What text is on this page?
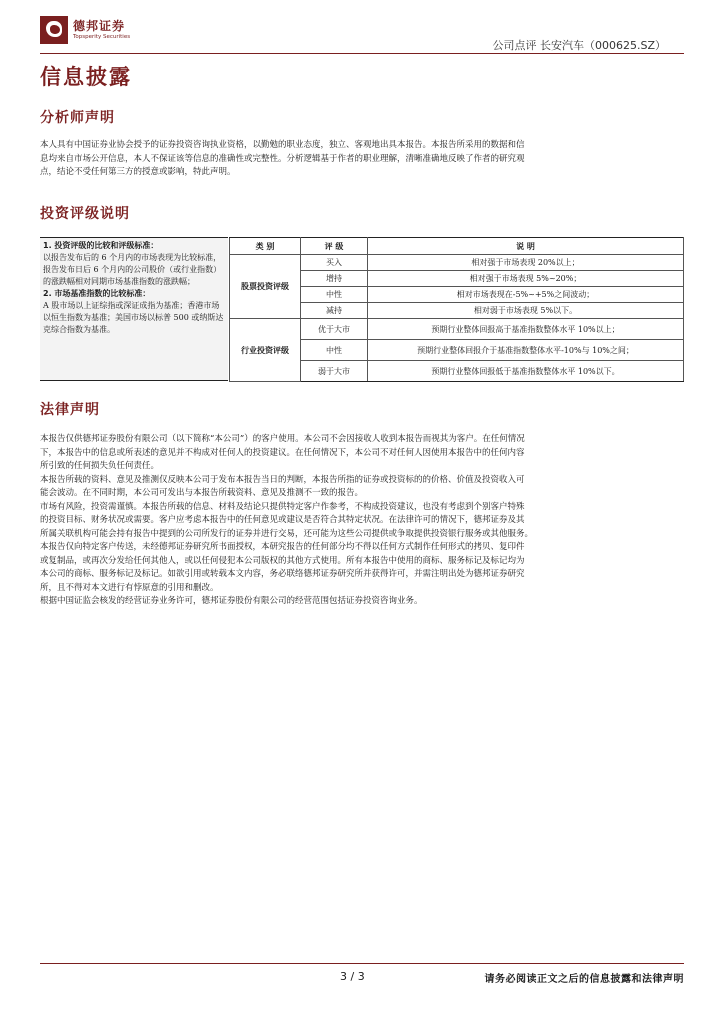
德邦证券
Topsperity Securities
公司点评 长安汽车（000625.SZ）
信息披露
分析师声明

本人具有中国证券业协会授予的证券投资咨询执业资格，以勤勉的职业态度，独立、客观地出具本报告。本报告所采用的数据和信

息均来自市场公开信息，本人不保证该等信息的准确性或完整性。分析逻辑基于作者的职业理解，清晰准确地反映了作者的研究观

点，结论不受任何第三方的授意或影响，特此声明。

投资评级说明

1. 投资评级的比较和评级标准：

以报告发布后的 6 个月内的市场表现为比较标准，报告发布日后 6 个月内的公司股价（或行业指数）的涨跌幅相对同期市场基准指数的涨跌幅；

2. 市场基准指数的比较标准：

A 股市场以上证综指或深证成指为基准；香港市场以恒生指数为基准；美国市场以标普 500 或纳斯达克综合指数为基准。

类 别	评 级	说 明
股票投资评级	买入	相对强于市场表现 20%以上；
	增持	相对强于市场表现 5%~20%；
	中性	相对市场表现在-5%~+5%之间波动；
	减持	相对弱于市场表现 5%以下。
行业投资评级	优于大市	预期行业整体回报高于基准指数整体水平 10%以上；
	中性	预期行业整体回报介于基准指数整体水平-10%与 10%之间；
	弱于大市	预期行业整体回报低于基准指数整体水平 10%以下。
法律声明

本报告仅供德邦证券股份有限公司（以下简称“本公司”）的客户使用。本公司不会因接收人收到本报告而视其为客户。在任何情况

下，本报告中的信息或所表述的意见并不构成对任何人的投资建议。在任何情况下，本公司不对任何人因使用本报告中的任何内容

所引致的任何损失负任何责任。

本报告所载的资料、意见及推测仅反映本公司于发布本报告当日的判断，本报告所指的证券或投资标的的价格、价值及投资收入可

能会波动。在不同时期，本公司可发出与本报告所载资料、意见及推测不一致的报告。

市场有风险，投资需谨慎。本报告所载的信息、材料及结论只提供特定客户作参考，不构成投资建议，也没有考虑到个别客户特殊

的投资目标、财务状况或需要。客户应考虑本报告中的任何意见或建议是否符合其特定状况。在法律许可的情况下，德邦证券及其

所属关联机构可能会持有报告中提到的公司所发行的证券并进行交易，还可能为这些公司提供或争取提供投资银行服务或其他服务。

本报告仅向特定客户传送，未经德邦证券研究所书面授权，本研究报告的任何部分均不得以任何方式制作任何形式的拷贝、复印件

或复制品，或再次分发给任何其他人，或以任何侵犯本公司版权的其他方式使用。所有本报告中使用的商标、服务标记及标记均为

本公司的商标、服务标记及标记。如欲引用或转载本文内容，务必联络德邦证券研究所并获得许可，并需注明出处为德邦证券研究

所，且不得对本文进行有悖原意的引用和删改。

根据中国证监会核发的经营证券业务许可，德邦证券股份有限公司的经营范围包括证券投资咨询业务。

3 / 3	请务必阅读正文之后的信息披露和法律声明
